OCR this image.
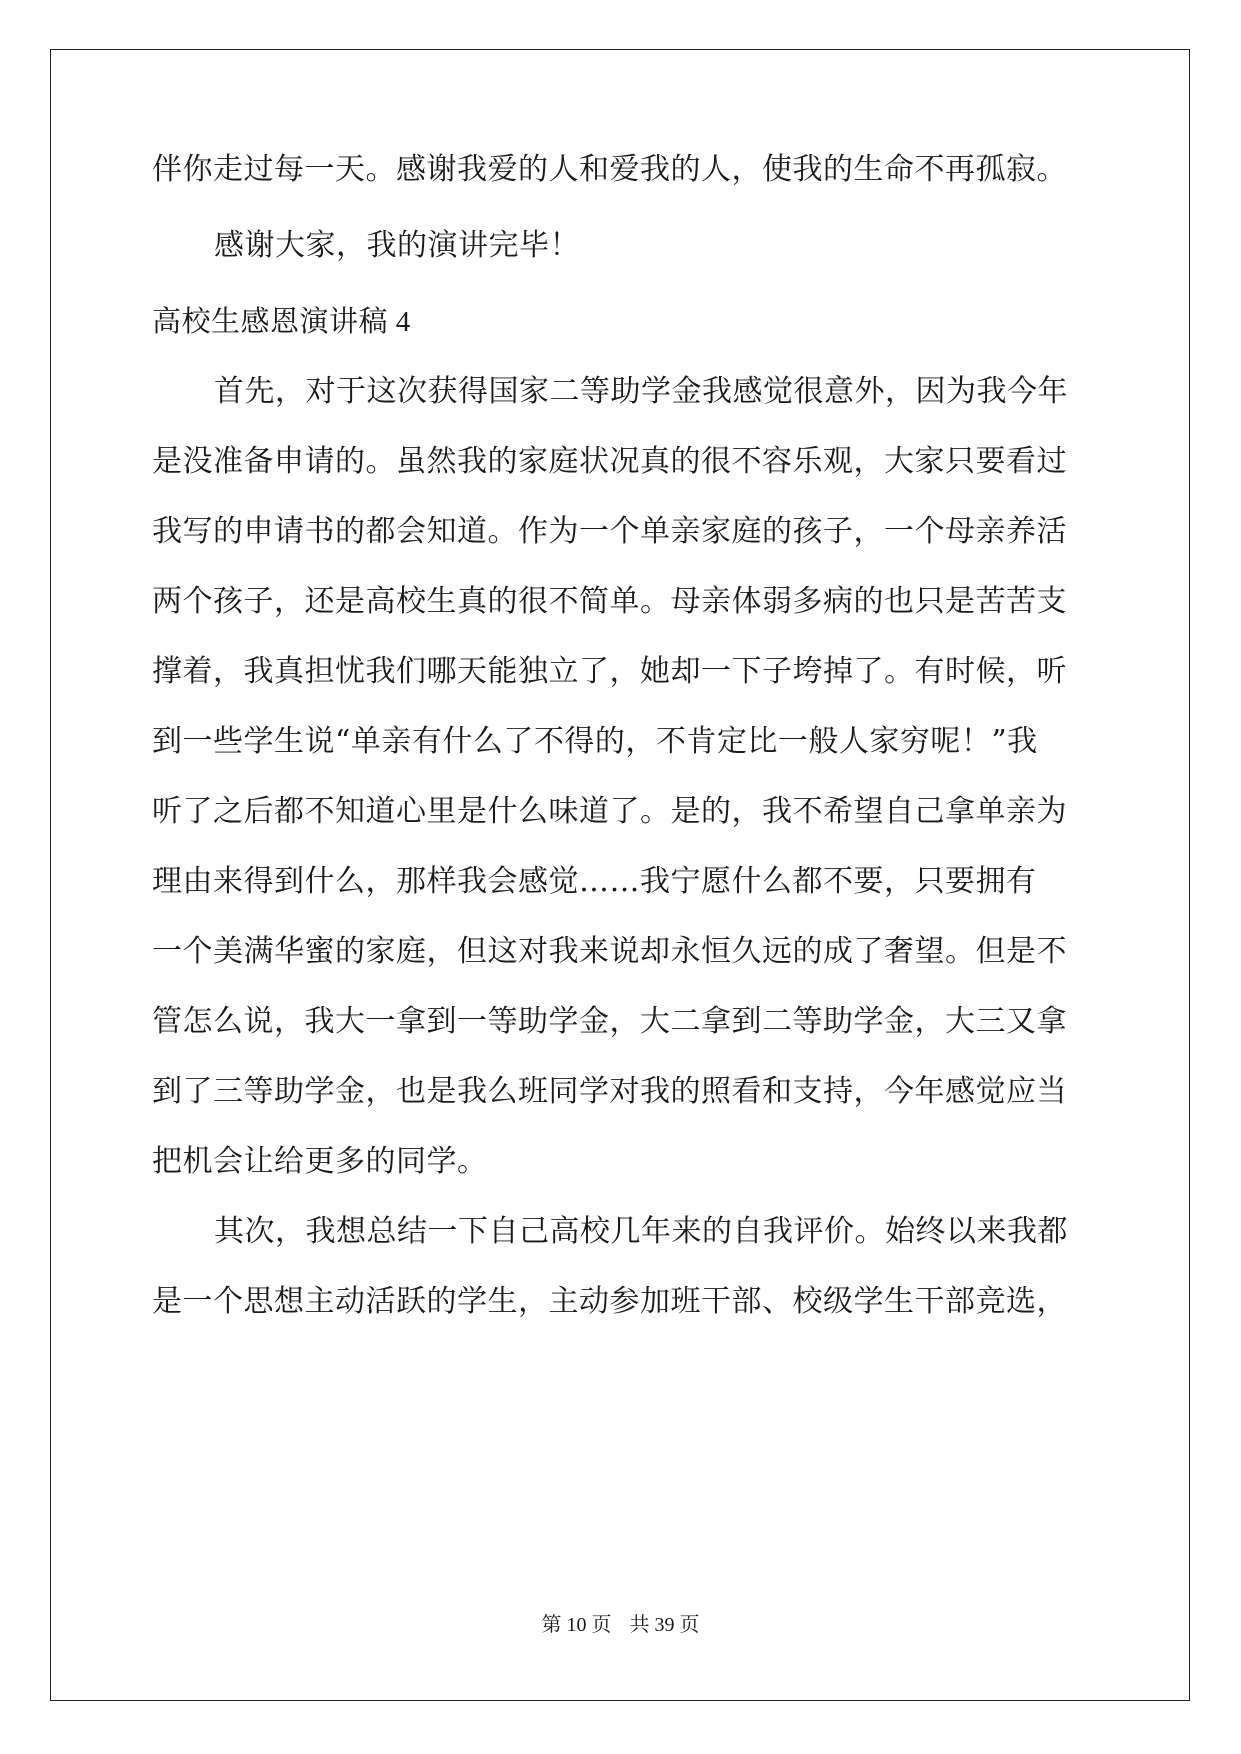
伴你走过每一天。感谢我爱的人和爱我的人，使我的生命不再孤寂。
感谢大家，我的演讲完毕！
高校生感恩演讲稿 4
首先，对于这次获得国家二等助学金我感觉很意外，因为我今年
是没准备申请的。虽然我的家庭状况真的很不容乐观，大家只要看过
我写的申请书的都会知道。作为一个单亲家庭的孩子，一个母亲养活
两个孩子，还是高校生真的很不简单。母亲体弱多病的也只是苦苦支
撑着，我真担忧我们哪天能独立了，她却一下子垮掉了。有时候，听
到一些学生说“单亲有什么了不得的，不肯定比一般人家穷呢！”我
听了之后都不知道心里是什么味道了。是的，我不希望自己拿单亲为
理由来得到什么，那样我会感觉……我宁愿什么都不要，只要拥有
一个美满华蜜的家庭，但这对我来说却永恒久远的成了奢望。但是不
管怎么说，我大一拿到一等助学金，大二拿到二等助学金，大三又拿
到了三等助学金，也是我么班同学对我的照看和支持，今年感觉应当
把机会让给更多的同学。
其次，我想总结一下自己高校几年来的自我评价。始终以来我都
是一个思想主动活跃的学生，主动参加班干部、校级学生干部竞选，
第 10 页 共 39 页
